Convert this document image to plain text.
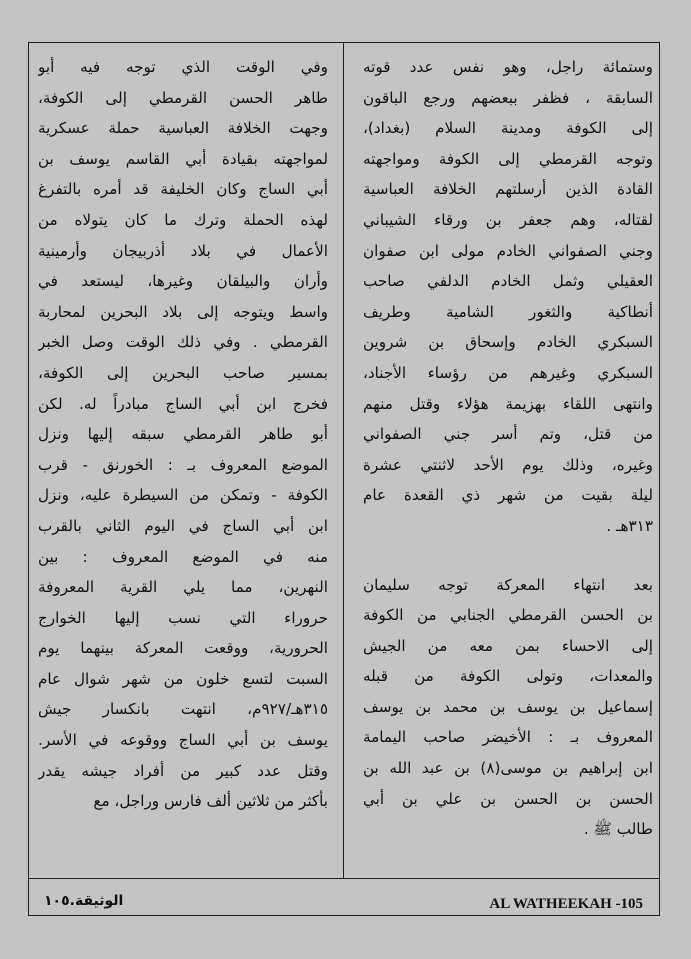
وستمائة راجل، وهو نفس عدد قوته
السابقة ، فظفر ببعضهم ورجع الباقون
إلى الكوفة ومدينة السلام (بغداد)،
وتوجه القرمطي إلى الكوفة ومواجهته
القادة الذين أرسلتهم الخلافة العباسية
لقتاله، وهم جعفر بن ورقاء الشيباني
وجني الصفواني الخادم مولى ابن صفوان
العقيلي وثمل الخادم الدلفي صاحب
أنطاكية والثغور الشامية وطريف
السبكري الخادم وإسحاق بن شروين
السبكري وغيرهم من رؤساء الأجناد،
وانتهى اللقاء بهزيمة هؤلاء وقتل منهم
من قتل، وتم أسر جني الصفواني
وغيره، وذلك يوم الأحد لاثنتي عشرة
ليلة بقيت من شهر ذي القعدة عام
٣١٣هـ .
بعد انتهاء المعركة توجه سليمان
بن الحسن القرمطي الجنابي من الكوفة
إلى الاحساء بمن معه من الجيش
والمعدات، وتولى الكوفة من قبله
إسماعيل بن يوسف بن محمد بن يوسف
المعروف بـ : الأخيضر صاحب اليمامة
ابن إبراهيم بن موسى(٨) بن عبد الله بن
الحسن بن الحسن بن علي بن أبي
طالب ﷺ .
وفي الوقت الذي توجه فيه أبو
طاهر الحسن القرمطي إلى الكوفة،
وجهت الخلافة العباسية حملة عسكرية
لمواجهته بقيادة أبي القاسم يوسف بن
أبي الساج وكان الخليفة قد أمره بالتفرغ
لهذه الحملة وترك ما كان يتولاه من
الأعمال في بلاد أذربيجان وأرمينية
وأران والبيلقان وغيرها، ليستعد في
واسط ويتوجه إلى بلاد البحرين لمحاربة
القرمطي . وفي ذلك الوقت وصل الخبر
بمسير صاحب البحرين إلى الكوفة،
فخرج ابن أبي الساج مبادراً له. لكن
أبو طاهر القرمطي سبقه إليها ونزل
الموضع المعروف بـ : الخورنق - قرب
الكوفة - وتمكن من السيطرة عليه، ونزل
ابن أبي الساج في اليوم الثاني بالقرب
منه في الموضع المعروف : بين
النهرين، مما يلي القرية المعروفة
حروراء التي نسب إليها الخوارج
الحرورية، ووقعت المعركة بينهما يوم
السبت لتسع خلون من شهر شوال عام
٣١٥هـ/٩٢٧م، انتهت بانكسار جيش
يوسف بن أبي الساج ووقوعه في الأسر.
وقتل عدد كبير من أفراد جيشه يقدر
بأكثر من ثلاثين ألف فارس وراجل، مع
AL WATHEEKAH -105
الوثيقة.١٠٥
